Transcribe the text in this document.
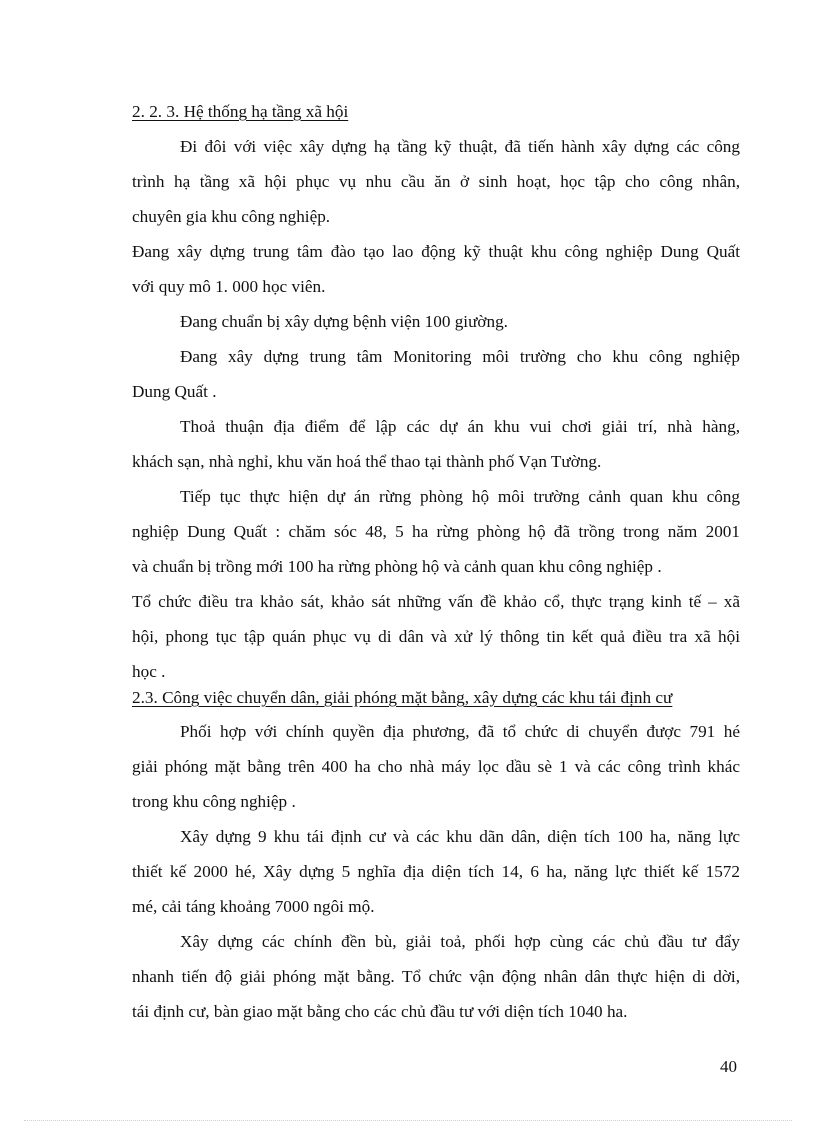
2. 2. 3. Hệ thống hạ tầng xã hội
Đi đôi với việc xây dựng hạ tầng kỹ thuật, đã tiến hành xây dựng các công
trình hạ tầng xã hội phục vụ nhu cầu ăn ở sinh hoạt, học tập cho công nhân,
chuyên gia khu công nghiệp.
Đang xây dựng trung tâm đào tạo lao động kỹ thuật khu công nghiệp Dung Quất
với quy mô 1. 000 học viên.
Đang chuẩn bị xây dựng bệnh viện 100 giường.
Đang xây dựng trung tâm Monitoring môi trường cho khu công nghiệp
Dung Quất .
Thoả thuận địa điểm để lập các dự án khu vui chơi giải trí, nhà hàng,
khách sạn, nhà nghỉ, khu văn hoá thể thao tại thành phố Vạn Tường.
Tiếp tục thực hiện dự án rừng phòng hộ môi trường cảnh quan khu công
nghiệp Dung Quất : chăm sóc 48, 5 ha rừng phòng hộ đã trồng trong năm 2001
và chuẩn bị trồng mới 100 ha rừng phòng hộ và cảnh quan khu công nghiệp .
Tổ chức điều tra khảo sát, khảo sát những vấn đề khảo cổ, thực trạng kinh tế – xã
hội, phong tục tập quán phục vụ di dân và xử lý thông tin kết quả điều tra xã hội
học .
2.3. Công việc chuyển dân, giải phóng mặt bằng, xây dựng các khu tái định cư
Phối hợp với chính quyền địa phương, đã tổ chức di chuyển được 791 hé
giải phóng mặt bằng trên 400 ha cho nhà máy lọc dầu sè 1 và các công trình khác
trong khu công nghiệp .
Xây dựng 9 khu tái định cư và các khu dãn dân, diện tích 100 ha, năng lực
thiết kế 2000 hé, Xây dựng 5 nghĩa địa diện tích 14, 6 ha, năng lực thiết kế 1572
mé, cải táng khoảng 7000 ngôi mộ.
Xây dựng các chính đền bù, giải toả, phối hợp cùng các chủ đầu tư đẩy
nhanh tiến độ giải phóng mặt bằng. Tổ chức vận động nhân dân thực hiện di dời,
tái định cư, bàn giao mặt bằng cho các chủ đầu tư với diện tích 1040 ha.
40
